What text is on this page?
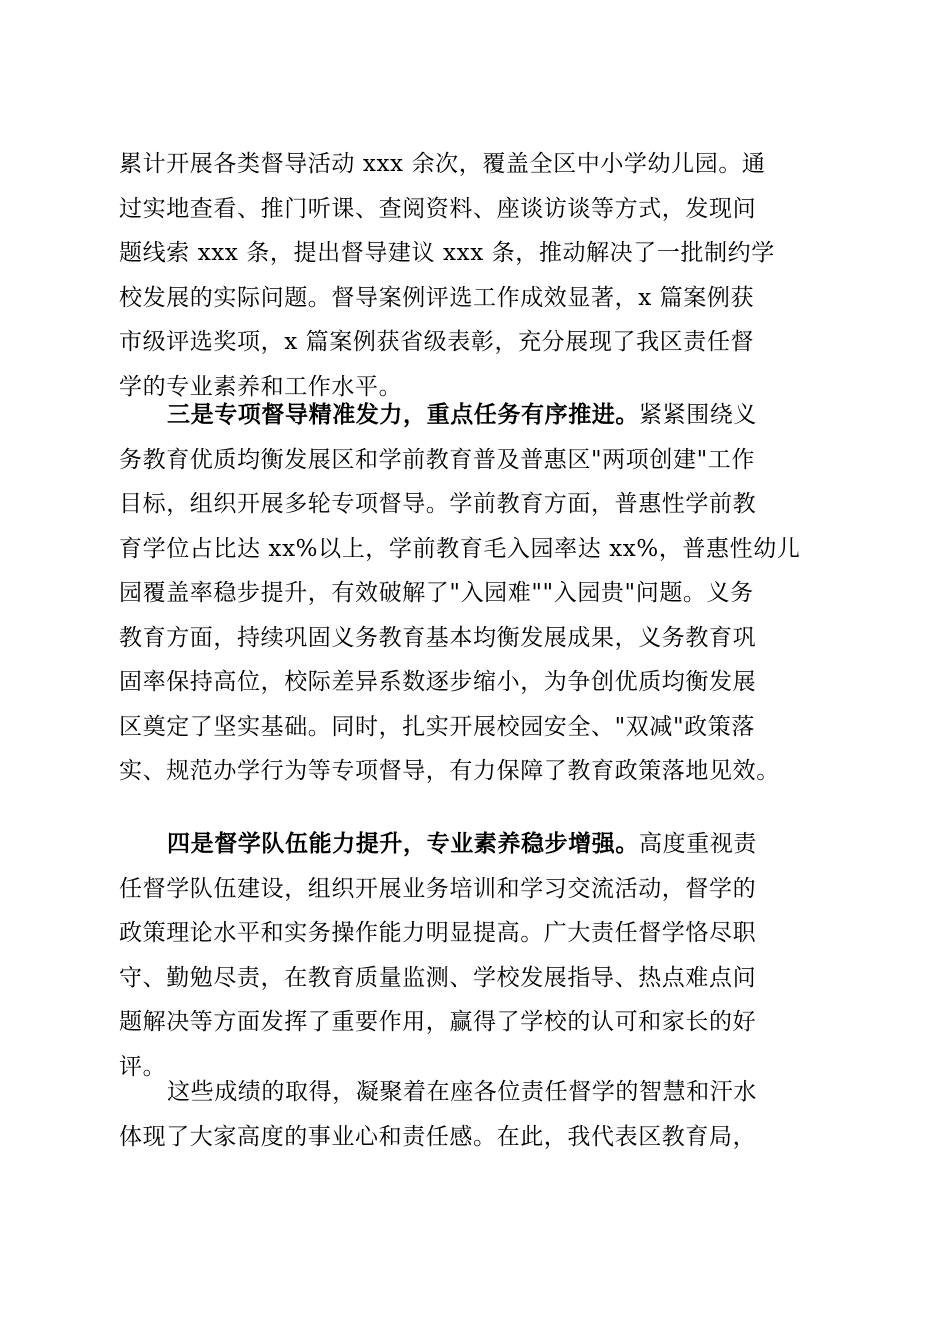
累计开展各类督导活动 xxx 余次，覆盖全区中小学幼儿园。通
过实地查看、推门听课、查阅资料、座谈访谈等方式，发现问
题线索 xxx 条，提出督导建议 xxx 条，推动解决了一批制约学
校发展的实际问题。督导案例评选工作成效显著，x 篇案例获
市级评选奖项，x 篇案例获省级表彰，充分展现了我区责任督
学的专业素养和工作水平。
三是专项督导精准发力，重点任务有序推进。紧紧围绕义
务教育优质均衡发展区和学前教育普及普惠区"两项创建"工作
目标，组织开展多轮专项督导。学前教育方面，普惠性学前教
育学位占比达 xx%以上，学前教育毛入园率达 xx%，普惠性幼儿
园覆盖率稳步提升，有效破解了"入园难""入园贵"问题。义务
教育方面，持续巩固义务教育基本均衡发展成果，义务教育巩
固率保持高位，校际差异系数逐步缩小，为争创优质均衡发展
区奠定了坚实基础。同时，扎实开展校园安全、"双减"政策落
实、规范办学行为等专项督导，有力保障了教育政策落地见效。
四是督学队伍能力提升，专业素养稳步增强。高度重视责
任督学队伍建设，组织开展业务培训和学习交流活动，督学的
政策理论水平和实务操作能力明显提高。广大责任督学恪尽职
守、勤勉尽责，在教育质量监测、学校发展指导、热点难点问
题解决等方面发挥了重要作用，赢得了学校的认可和家长的好
评。
这些成绩的取得，凝聚着在座各位责任督学的智慧和汗水
体现了大家高度的事业心和责任感。在此，我代表区教育局，
